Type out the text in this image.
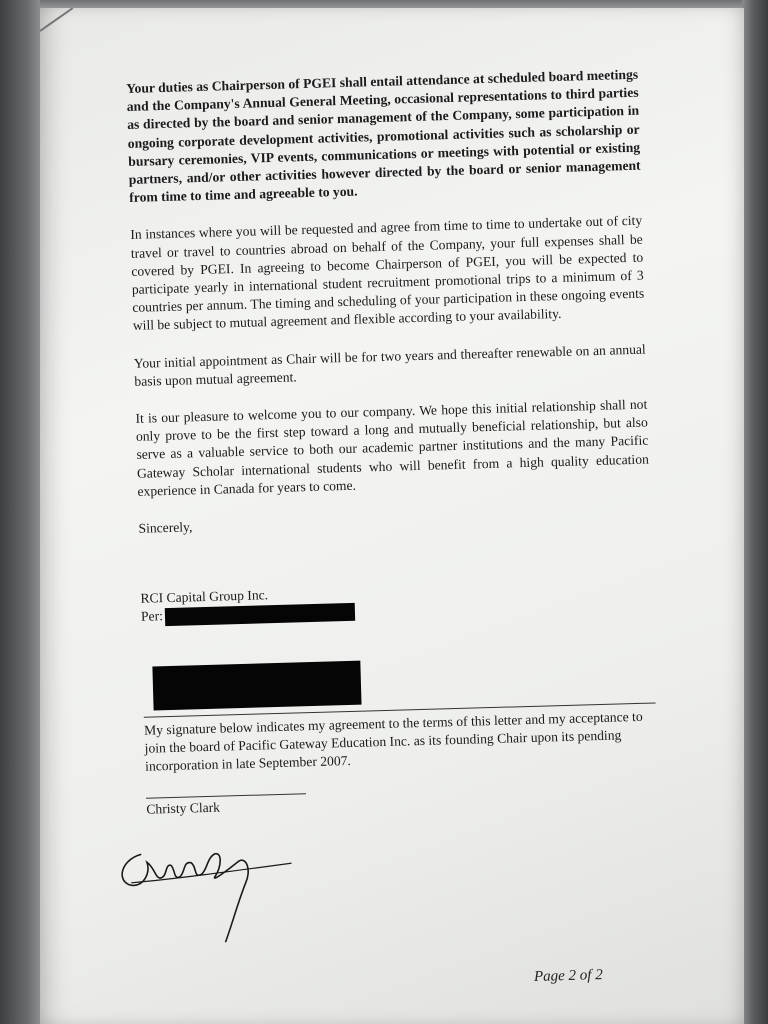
Your duties as Chairperson of PGEI shall entail attendance at scheduled board meetings and the Company's Annual General Meeting, occasional representations to third parties as directed by the board and senior management of the Company, some participation in ongoing corporate development activities, promotional activities such as scholarship or bursary ceremonies, VIP events, communications or meetings with potential or existing partners, and/or other activities however directed by the board or senior management from time to time and agreeable to you.

In instances where you will be requested and agree from time to time to undertake out of city travel or travel to countries abroad on behalf of the Company, your full expenses shall be covered by PGEI. In agreeing to become Chairperson of PGEI, you will be expected to participate yearly in international student recruitment promotional trips to a minimum of 3 countries per annum. The timing and scheduling of your participation in these ongoing events will be subject to mutual agreement and flexible according to your availability.

Your initial appointment as Chair will be for two years and thereafter renewable on an annual basis upon mutual agreement.

It is our pleasure to welcome you to our company. We hope this initial relationship shall not only prove to be the first step toward a long and mutually beneficial relationship, but also serve as a valuable service to both our academic partner institutions and the many Pacific Gateway Scholar international students who will benefit from a high quality education experience in Canada for years to come.

Sincerely,

RCI Capital Group Inc.
Per:

My signature below indicates my agreement to the terms of this letter and my acceptance to join the board of Pacific Gateway Education Inc. as its founding Chair upon its pending incorporation in late September 2007.

Christy Clark
Page 2 of 2
